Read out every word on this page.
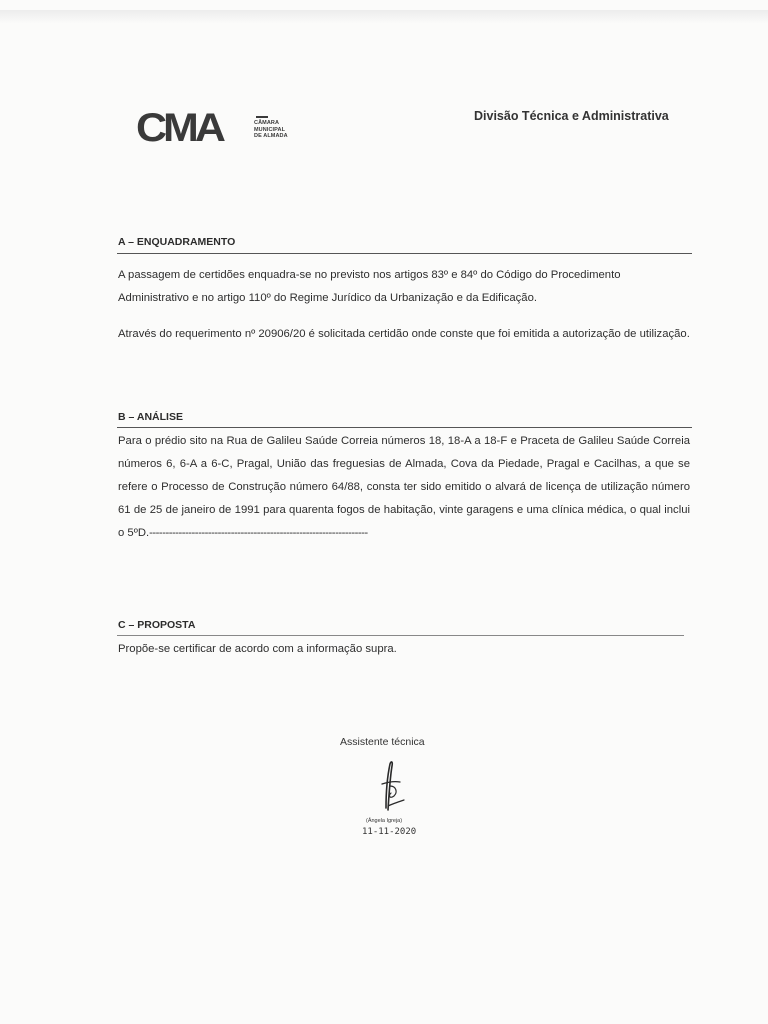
CMA	CÂMARA
MUNICIPAL
DE ALMADA
Divisão Técnica e Administrativa
A – ENQUADRAMENTO
A passagem de certidões enquadra-se no previsto nos artigos 83º e 84º do Código do Procedimento Administrativo e no artigo 110º do Regime Jurídico da Urbanização e da Edificação.
Através do requerimento nº 20906/20 é solicitada certidão onde conste que foi emitida a autorização de utilização.
B – ANÁLISE
Para o prédio sito na Rua de Galileu Saúde Correia números 18, 18-A a 18-F e Praceta de Galileu Saúde Correia números 6, 6-A a 6-C, Pragal, União das freguesias de Almada, Cova da Piedade, Pragal e Cacilhas, a que se refere o Processo de Construção número 64/88, consta ter sido emitido o alvará de licença de utilização número 61 de 25 de janeiro de 1991 para quarenta fogos de habitação, vinte garagens e uma clínica médica, o qual inclui o 5ºD.-------------------------------------------------------------------
C – PROPOSTA
Propõe-se certificar de acordo com a informação supra.
Assistente técnica
(Ângela Igreja)
11-11-2020
